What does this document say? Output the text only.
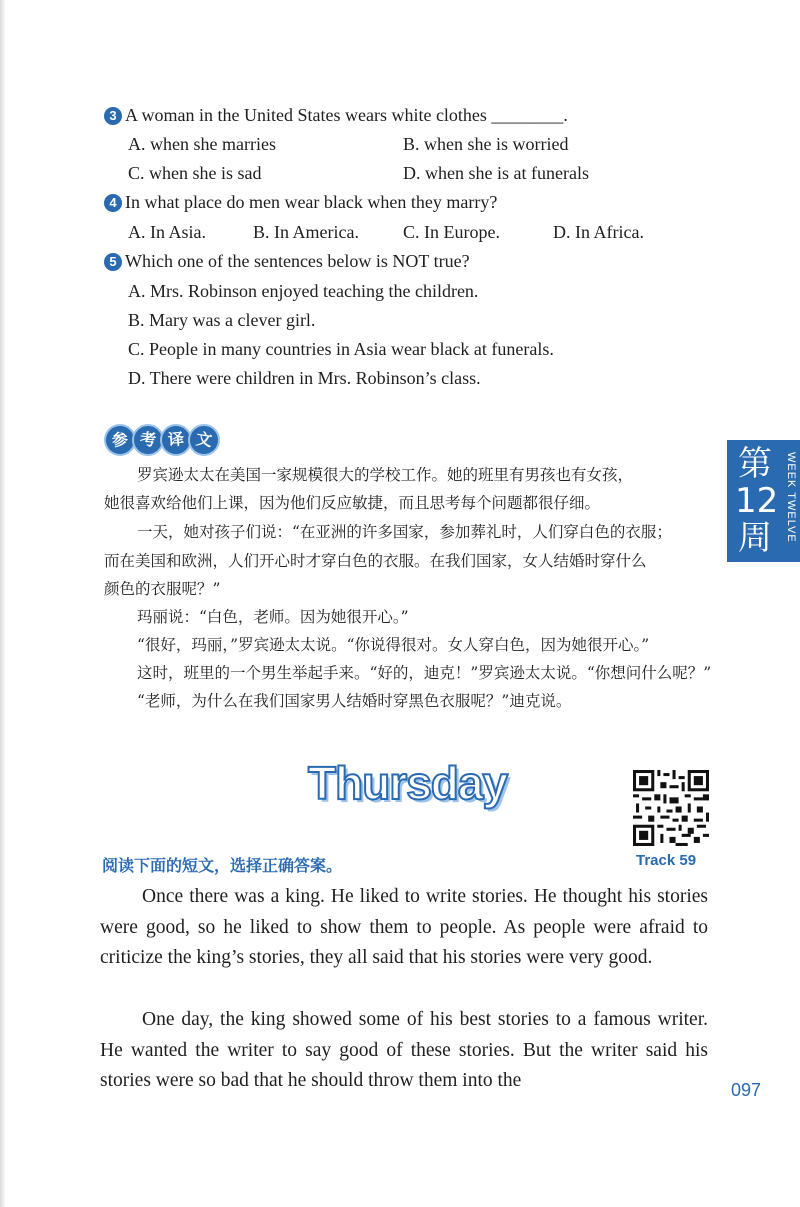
3 A woman in the United States wears white clothes ________.
A. when she marries	B. when she is worried
C. when she is sad	D. when she is at funerals
4 In what place do men wear black when they marry?
A. In Asia.	B. In America. C. In Europe.	D. In Africa.
5 Which one of the sentences below is NOT true?
A. Mrs. Robinson enjoyed teaching the children.
B. Mary was a clever girl.
C. People in many countries in Asia wear black at funerals.
D. There were children in Mrs. Robinson’s class.
参 考 译 文
罗宾逊太太在美国一家规模很大的学校工作。她的班里有男孩也有女孩，
她很喜欢给他们上课，因为他们反应敏捷，而且思考每个问题都很仔细。
一天，她对孩子们说：“在亚洲的许多国家，参加葬礼时，人们穿白色的衣服；
而在美国和欧洲，人们开心时才穿白色的衣服。在我们国家，女人结婚时穿什么
颜色的衣服呢？”
玛丽说：“白色，老师。因为她很开心。”
“很好，玛丽，”罗宾逊太太说。“你说得很对。女人穿白色，因为她很开心。”
这时，班里的一个男生举起手来。“好的，迪克！”罗宾逊太太说。“你想问什么呢？”
“老师，为什么在我们国家男人结婚时穿黑色衣服呢？”迪克说。
第12周 WEEK TWELVE
Thursday
Track 59
阅读下面的短文，选择正确答案。
Once there was a king. He liked to write stories. He thought his stories were good, so he liked to show them to people. As people were afraid to criticize the king’s stories, they all said that his stories were very good.
One day, the king showed some of his best stories to a famous writer. He wanted the writer to say good of these stories. But the writer said his stories were so bad that he should throw them into the	097
